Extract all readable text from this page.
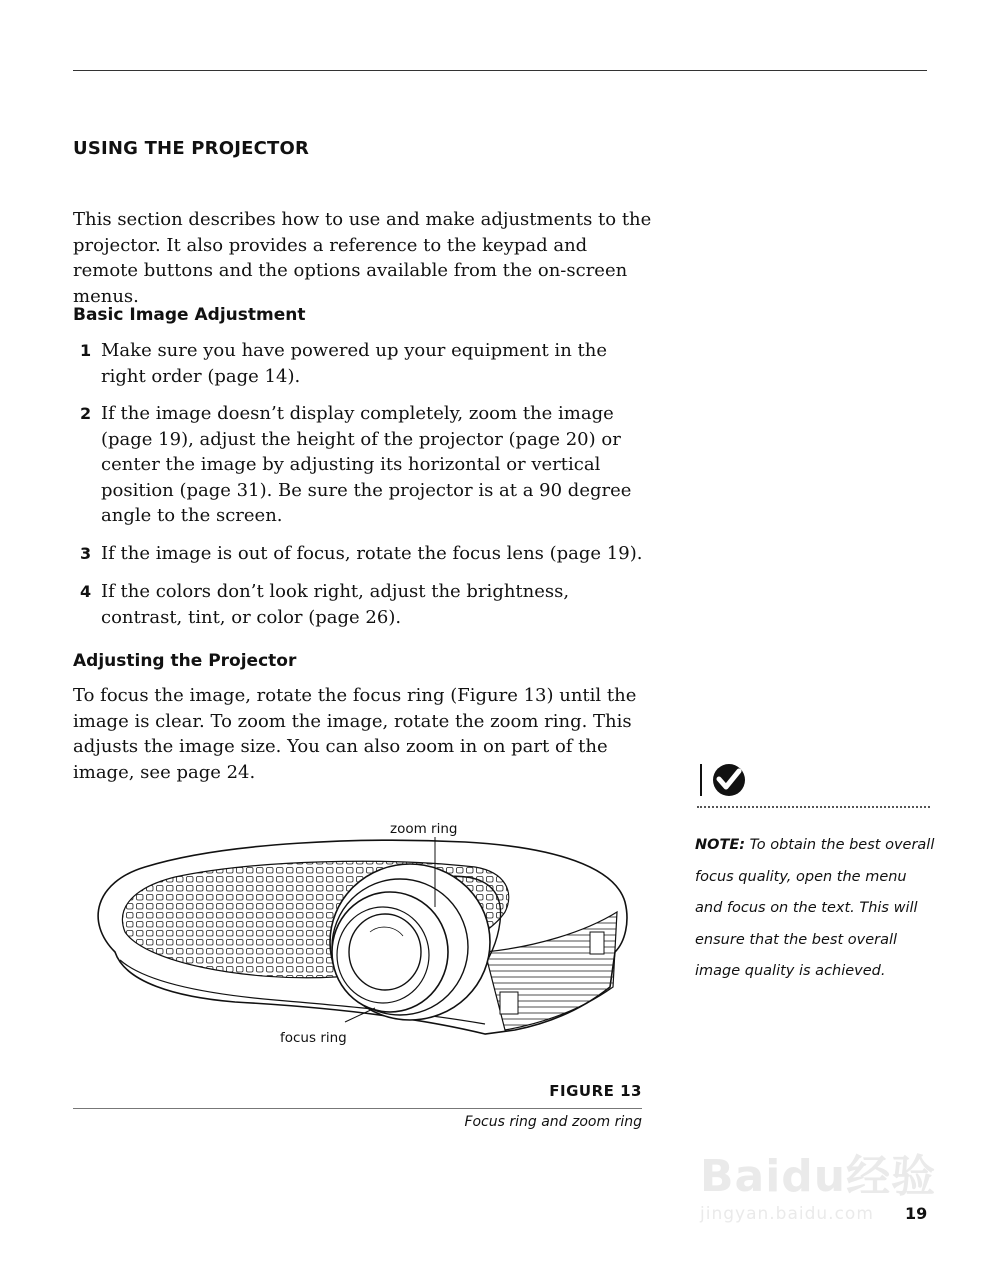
USING THE PROJECTOR
This section describes how to use and make adjustments to the projector. It also provides a reference to the keypad and remote buttons and the options available from the on-screen menus.
Basic Image Adjustment
1 Make sure you have powered up your equipment in the right order (page 14).
2 If the image doesn’t display completely, zoom the image (page 19), adjust the height of the projector (page 20) or center the image by adjusting its horizontal or vertical position (page 31). Be sure the projector is at a 90 degree angle to the screen.
3 If the image is out of focus, rotate the focus lens (page 19).
4 If the colors don’t look right, adjust the brightness, contrast, tint, or color (page 26).
Adjusting the Projector
To focus the image, rotate the focus ring (Figure 13) until the image is clear. To zoom the image, rotate the zoom ring. This adjusts the image size. You can also zoom in on part of the image, see page 24.
zoom ring
focus ring
FIGURE 13
Focus ring and zoom ring
NOTE: To obtain the best overall focus quality, open the menu and focus on the text. This will ensure that the best overall image quality is achieved.
Baidu经验
jingyan.baidu.com	19
